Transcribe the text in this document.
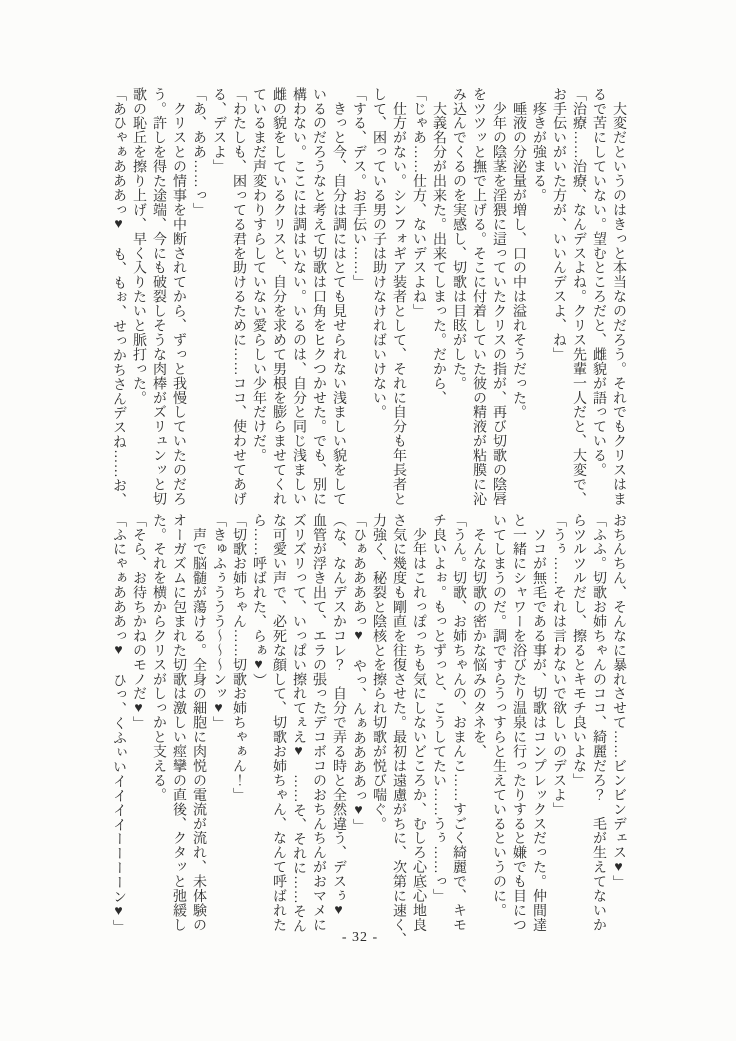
　大変だというのはきっと本当なのだろう。それでもクリスはま
るで苦にしていない。望むところだと、雌貌が語っている。
「治療……治療、なんデスよね。クリス先輩一人だと、大変で、
お手伝いがいた方が、いいんデスよ、ね」
　疼きが強まる。
　唾液の分泌量が増し、口の中は溢れそうだった。
　少年の陰茎を淫猥に這っていたクリスの指が、再び切歌の陰唇
をツツッと撫で上げる。そこに付着していた彼の精液が粘膜に沁
み込んでくるのを実感し、切歌は目眩がした。
　大義名分が出来た。出来てしまった。だから、
「じゃあ……仕方、ないデスよね」
　仕方がない。シンフォギア装者として、それに自分も年長者と
して、困っている男の子は助けなければいけない。
「する、デス。お手伝い……」
　きっと今、自分は調にはとても見せられない浅ましい貌をして
いるのだろうなと考えて切歌は口角をヒクつかせた。でも、別に
構わない。ここには調はいない。いるのは、自分と同じ浅ましい
雌の貌をしているクリスと、自分を求めて男根を膨らませてくれ
ているまだ声変わりすらしていない愛らしい少年だけだ。
「わたしも、困ってる君を助けるために……ココ、使わせてあげ
る、デスよ」
「あ、ああ……っ」
　クリスとの情事を中断されてから、ずっと我慢していたのだろ
う。許しを得た途端、今にも破裂しそうな肉棒がズリュンッと切
歌の恥丘を擦り上げ、早く入りたいと脈打った。
「あひゃぁあああっ♥　も、もぉ、せっかちさんデスね……お、
おちんちん、そんなに暴れさせて……ビンビンデェス♥」
「ふふ。切歌お姉ちゃんのココ、綺麗だろ？　毛が生えてないか
らツルツルだし、擦るとキモチ良いよな」
「うぅ……それは言わないで欲しいのデスよ」
　ソコが無毛である事が、切歌はコンプレックスだった。仲間達
と一緒にシャワーを浴びたり温泉に行ったりすると嫌でも目につ
いてしまうのだ。調ですらうっすらと生えているというのに。
　そんな切歌の密かな悩みのタネを、
「うん。切歌、お姉ちゃんの、おまんこ……すごく綺麗で、キモ
チ良いよぉ。もっとずっと、こうしてたい……うぅ……っ」
　少年はこれっぽっちも気にしないどころか、むしろ心底心地良
さ気に幾度も剛直を往復させた。最初は遠慮がちに、次第に速く、
力強く、秘裂と陰核とを擦られ切歌が悦び喘ぐ。
「ひぁああああっ♥　やっ、んぁああああっ♥」
（な、なんデスかコレ？　自分で弄る時と全然違う、デスぅ♥
血管が浮き出て、エラの張ったデコボコのおちんちんがおマメに
ズリズリって、いっぱい擦れてぇえ♥　……そ、それに……そん
な可愛い声で、必死な顔して、切歌お姉ちゃん、なんて呼ばれた
ら……呼ばれた、らぁ♥）
「切歌お姉ちゃん……切歌お姉ちゃぁん！」
「きゅふぅううう～～～ンッ♥」
　声で脳髄が蕩ける。全身の細胞に肉悦の電流が流れ、未体験の
オーガズムに包まれた切歌は激しい痙攣の直後、クタッと弛緩し
た。それを横からクリスがしっかと支える。
「そら、お待ちかねのモノだ♥」
「ふにゃぁあああっ♥　ひっ、くふぃいイイイイーーーーン♥」
- 32 -
